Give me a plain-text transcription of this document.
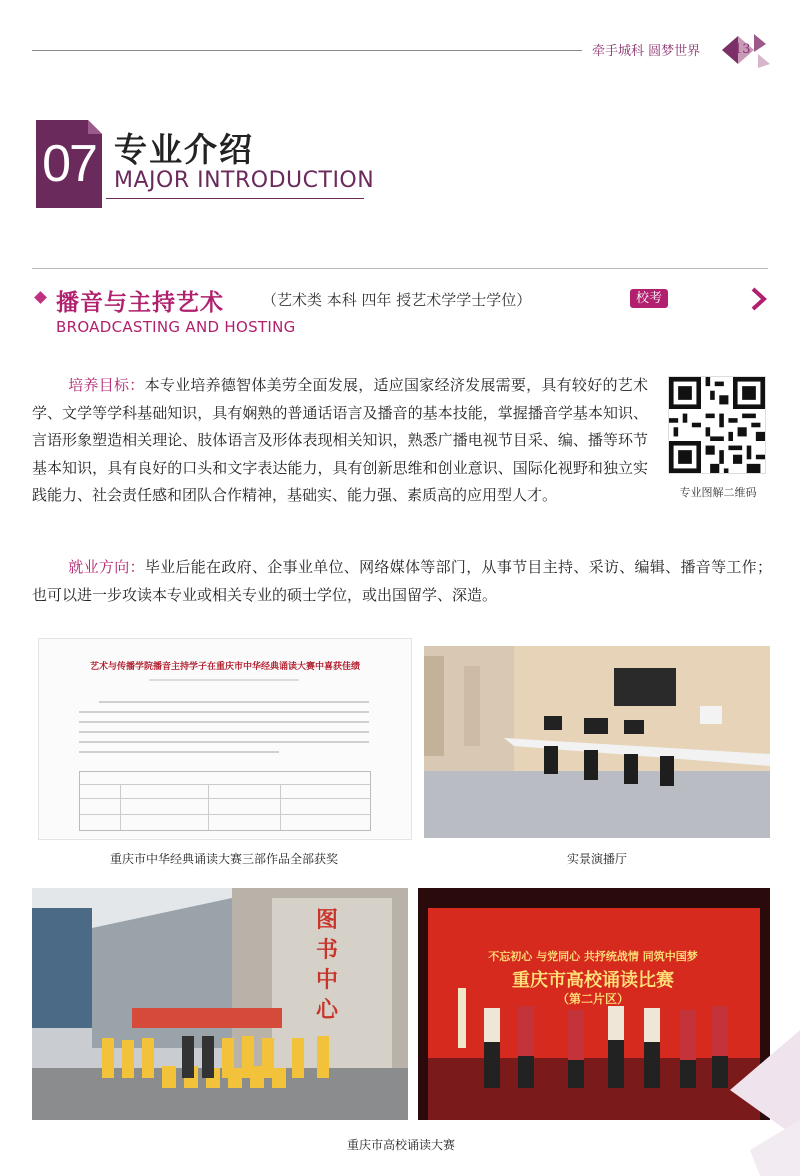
牵手城科 圆梦世界	13
07 专业介绍
MAJOR INTRODUCTION
播音与主持艺术	（艺术类 本科 四年 授艺术学学士学位）	校考
BROADCASTING AND HOSTING
培养目标：本专业培养德智体美劳全面发展，适应国家经济发展需要，具有较好的艺术学、文学等学科基础知识，具有娴熟的普通话语言及播音的基本技能，掌握播音学基本知识、言语形象塑造相关理论、肢体语言及形体表现相关知识，熟悉广播电视节目采、编、播等环节基本知识，具有良好的口头和文字表达能力，具有创新思维和创业意识、国际化视野和独立实践能力、社会责任感和团队合作精神，基础实、能力强、素质高的应用型人才。	专业图解二维码
就业方向：毕业后能在政府、企事业单位、网络媒体等部门，从事节目主持、采访、编辑、播音等工作；也可以进一步攻读本专业或相关专业的硕士学位，或出国留学、深造。
艺术与传播学院播音主持学子在重庆市中华经典诵读大赛中喜获佳绩
重庆市中华经典诵读大赛三部作品全部获奖	实景演播厅
图书中心
不忘初心 与党同心 共抒统战情 同筑中国梦
重庆市高校诵读比赛
（第二片区）
重庆市高校诵读大赛
